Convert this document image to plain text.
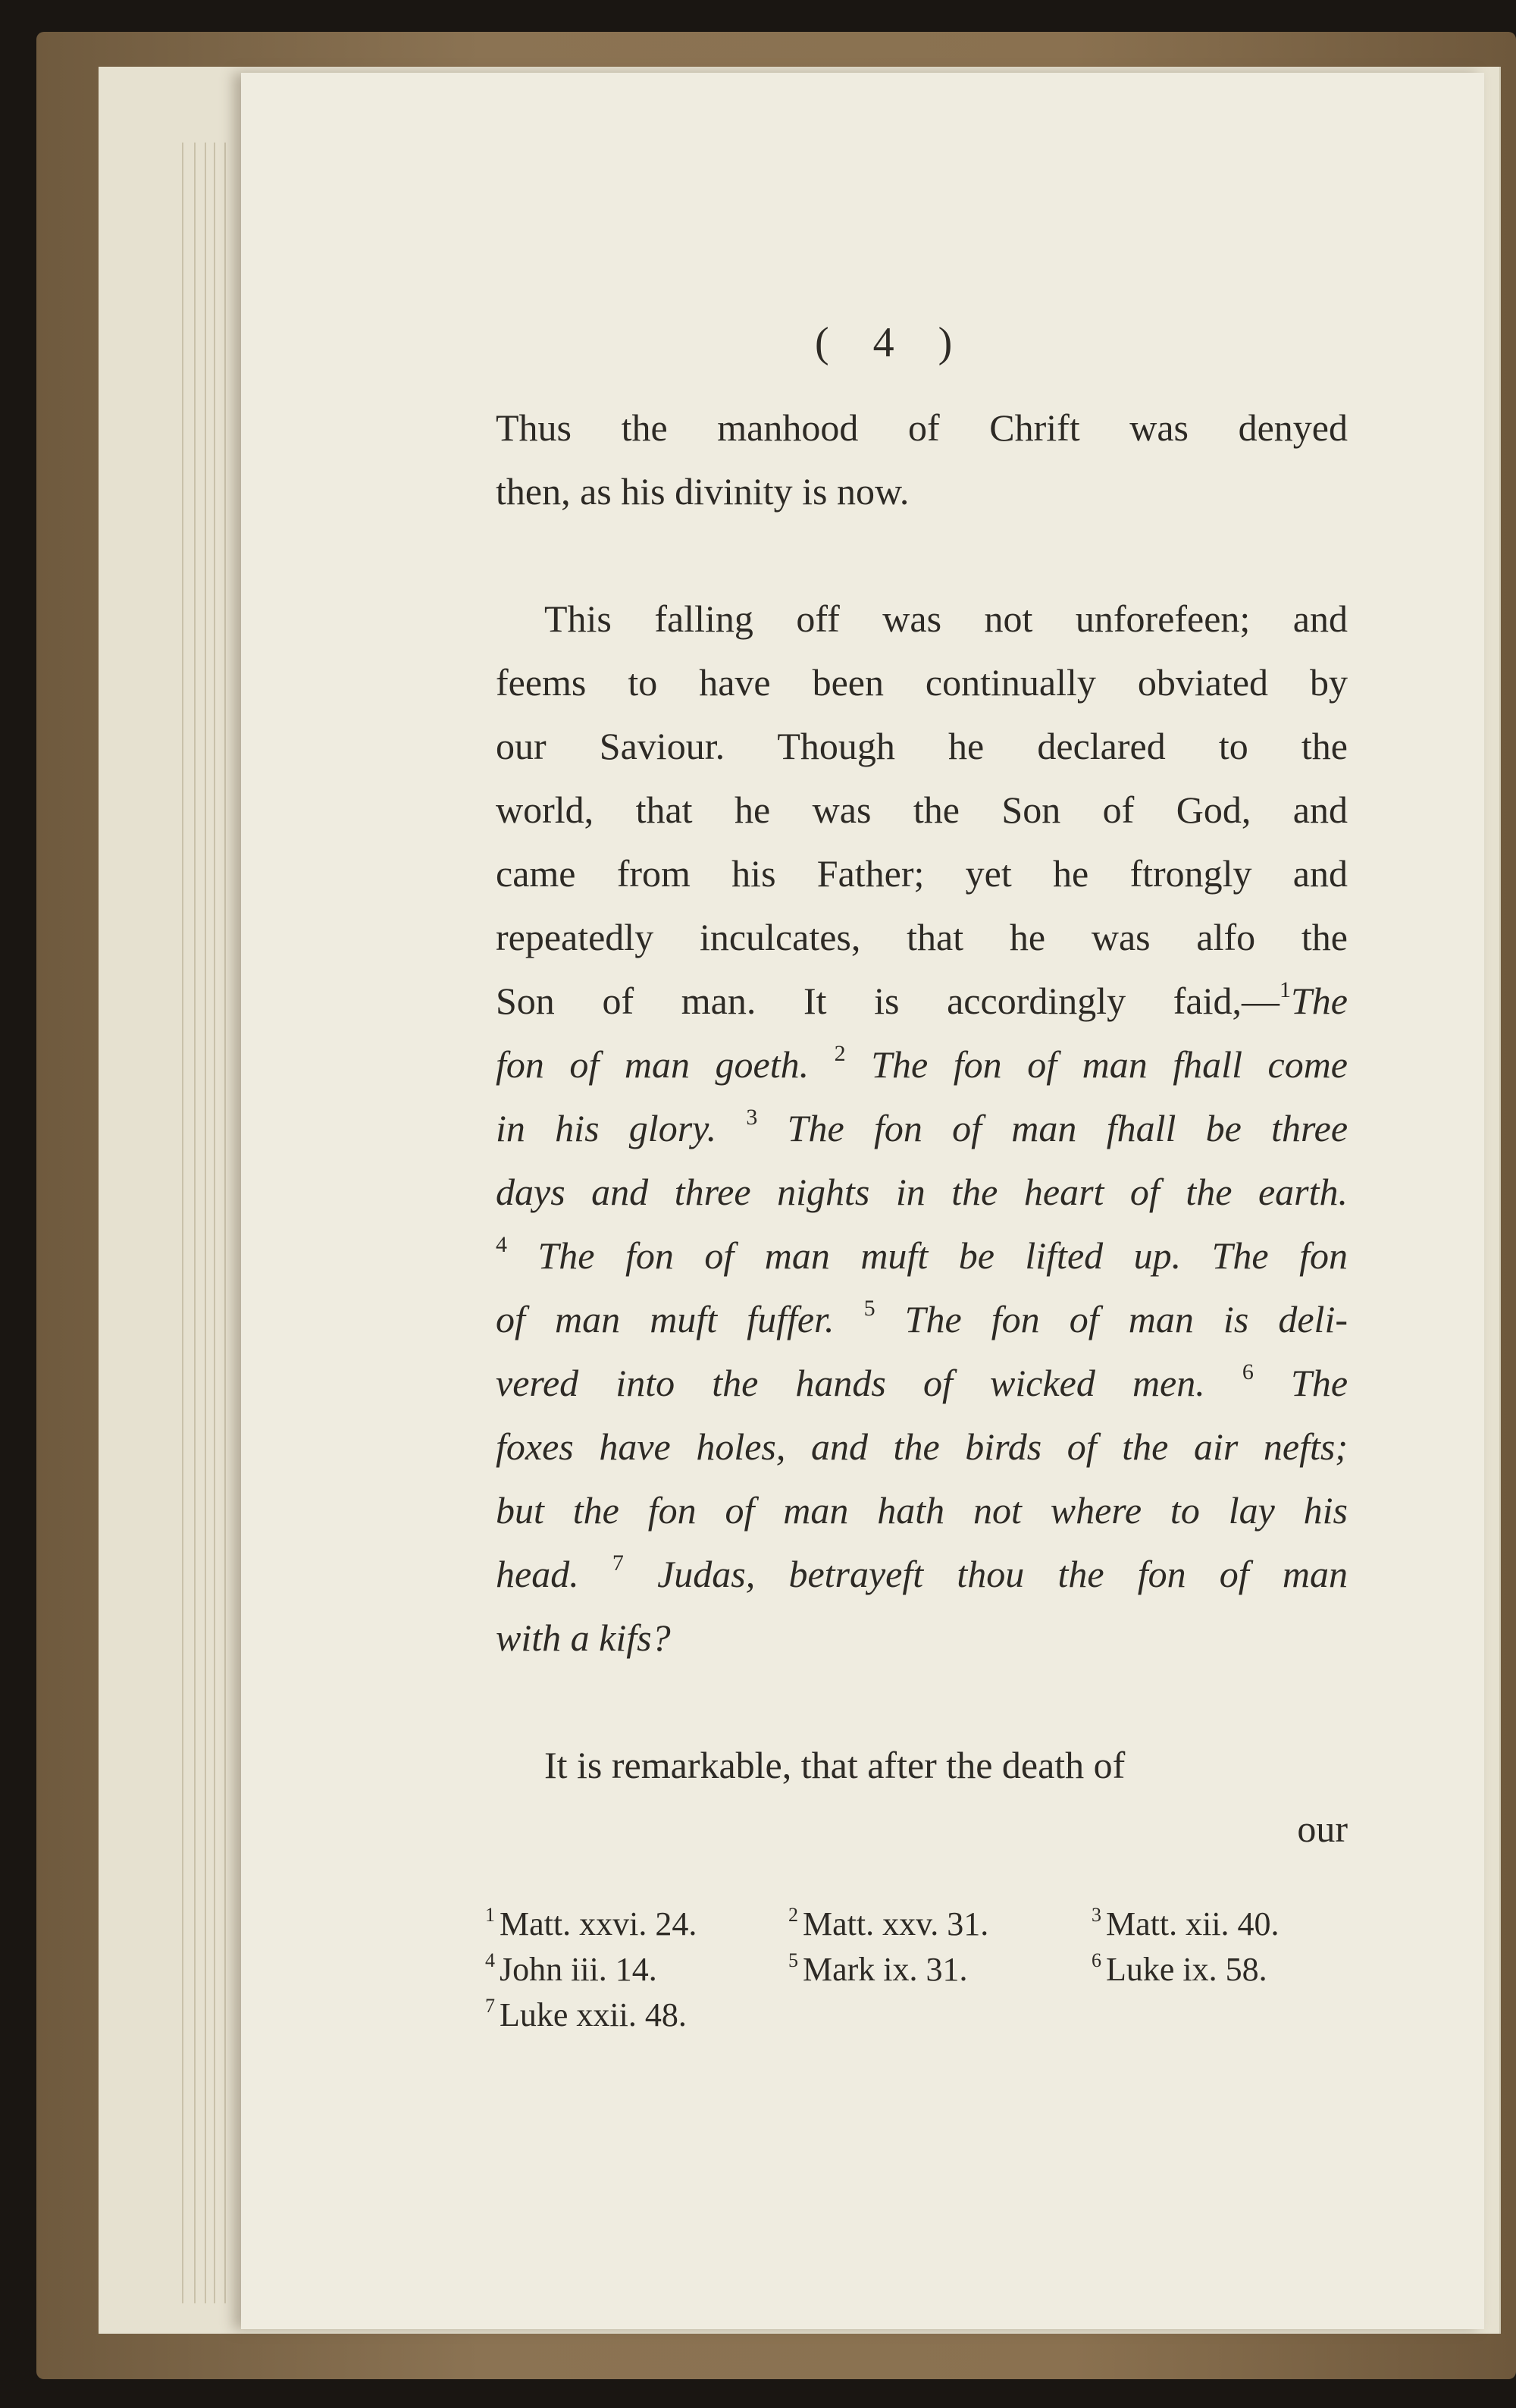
( 4 )
Thus the manhood of Chrift was denyed
then, as his divinity is now.
This falling off was not unforefeen; and
feems to have been continually obviated by
our Saviour. Though he declared to the
world, that he was the Son of God, and
came from his Father; yet he ftrongly and
repeatedly inculcates, that he was alfo the
Son of man. It is accordingly faid,—$^1$The
fon of man goeth. $^2$ The fon of man fhall come
in his glory. $^3$ The fon of man fhall be three
days and three nights in the heart of the earth.
$^4$ The fon of man muft be lifted up. The fon
of man muft fuffer. $^5$ The fon of man is deli-
vered into the hands of wicked men. $^6$ The
foxes have holes, and the birds of the air nefts;
but the fon of man hath not where to lay his
head. $^7$ Judas, betrayeft thou the fon of man
with a kifs?
It is remarkable, that after the death of
our
$^1$ Matt. xxvi. 24.	$^2$ Matt. xxv. 31.	$^3$ Matt. xii. 40.
$^4$ John iii. 14.	$^5$ Mark ix. 31.	$^6$ Luke ix. 58.
$^7$ Luke xxii. 48.
